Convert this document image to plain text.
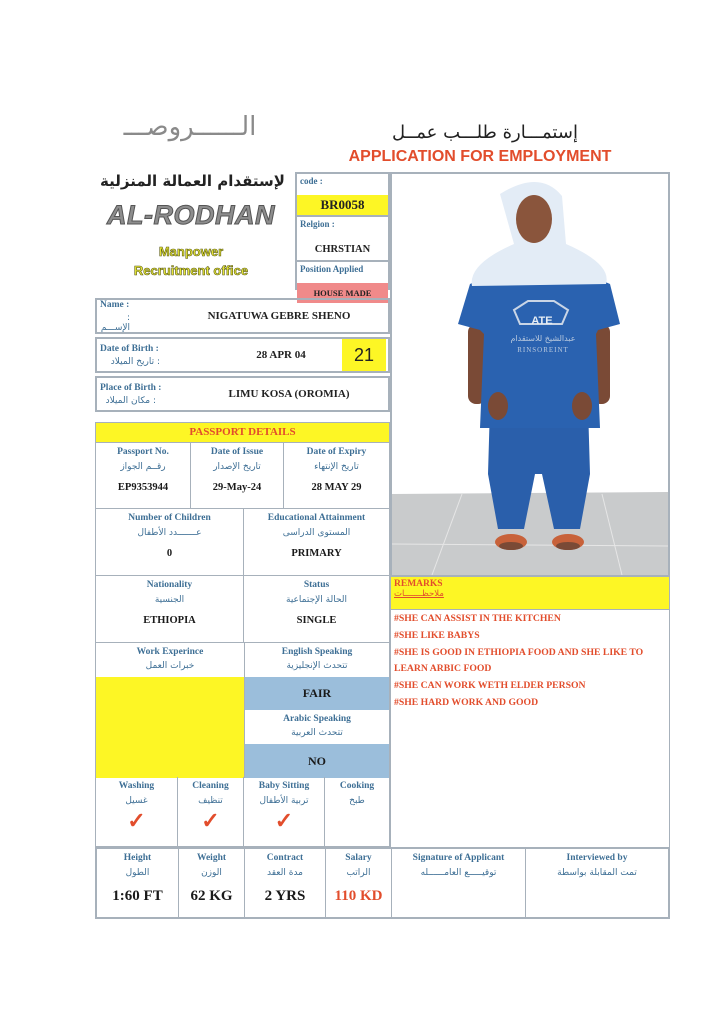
الــــــروصـــ
لإستقدام العمالة المنزلية
AL-RODHAN
Manpower
Recruitment office
إستمـــارة طلـــب عمــل
APPLICATION FOR EMPLOYMENT
code :
BR0058
Relgion :
CHRSTIAN
Position Applied
HOUSE MADE
ATE
عبدالشيخ للاستقدام
RINSOREINT
Name :
: الإســـم
NIGATUWA GEBRE SHENO
Date of Birth :
: تاريخ الميلاد
28 APR 04	21
Place of Birth :
: مكان الميلاد
LIMU KOSA (OROMIA)
PASSPORT DETAILS
Passport No.
رقــم الجواز
EP9353944
Date of Issue
تاريخ الإصدار
29-May-24
Date of Expiry
تاريخ الإنتهاء
28 MAY 29
Number of Children
عـــــــدد الأطفال
0
Educational Attainment
المستوى الدراسى
PRIMARY
Nationality
الجنسية
ETHIOPIA
Status
الحالة الإجتماعية
SINGLE
Work Experince
خبرات العمل
English Speaking
تتحدث الإنجليزية
FAIR
Arabic Speaking
تتحدث العربية
NO
Washing
غسيل
✓
Cleaning
تنظيف
✓
Baby Sitting
تربية الأطفال
✓
Cooking
طبخ
REMARKS
ملاحظـــــــات
#SHE CAN ASSIST IN THE KITCHEN
#SHE LIKE BABYS
#SHE IS GOOD IN ETHIOPIA FOOD AND SHE LIKE TO
LEARN ARBIC FOOD
#SHE CAN WORK WETH ELDER PERSON
#SHE HARD WORK AND GOOD
Height
الطول
1:60 FT
Weight
الوزن
62 KG
Contract
مدة العقد
2 YRS
Salary
الراتب
110 KD
Signature of Applicant
توقيـــــع العامــــــله
Interviewed by
تمت المقابلة بواسطة
